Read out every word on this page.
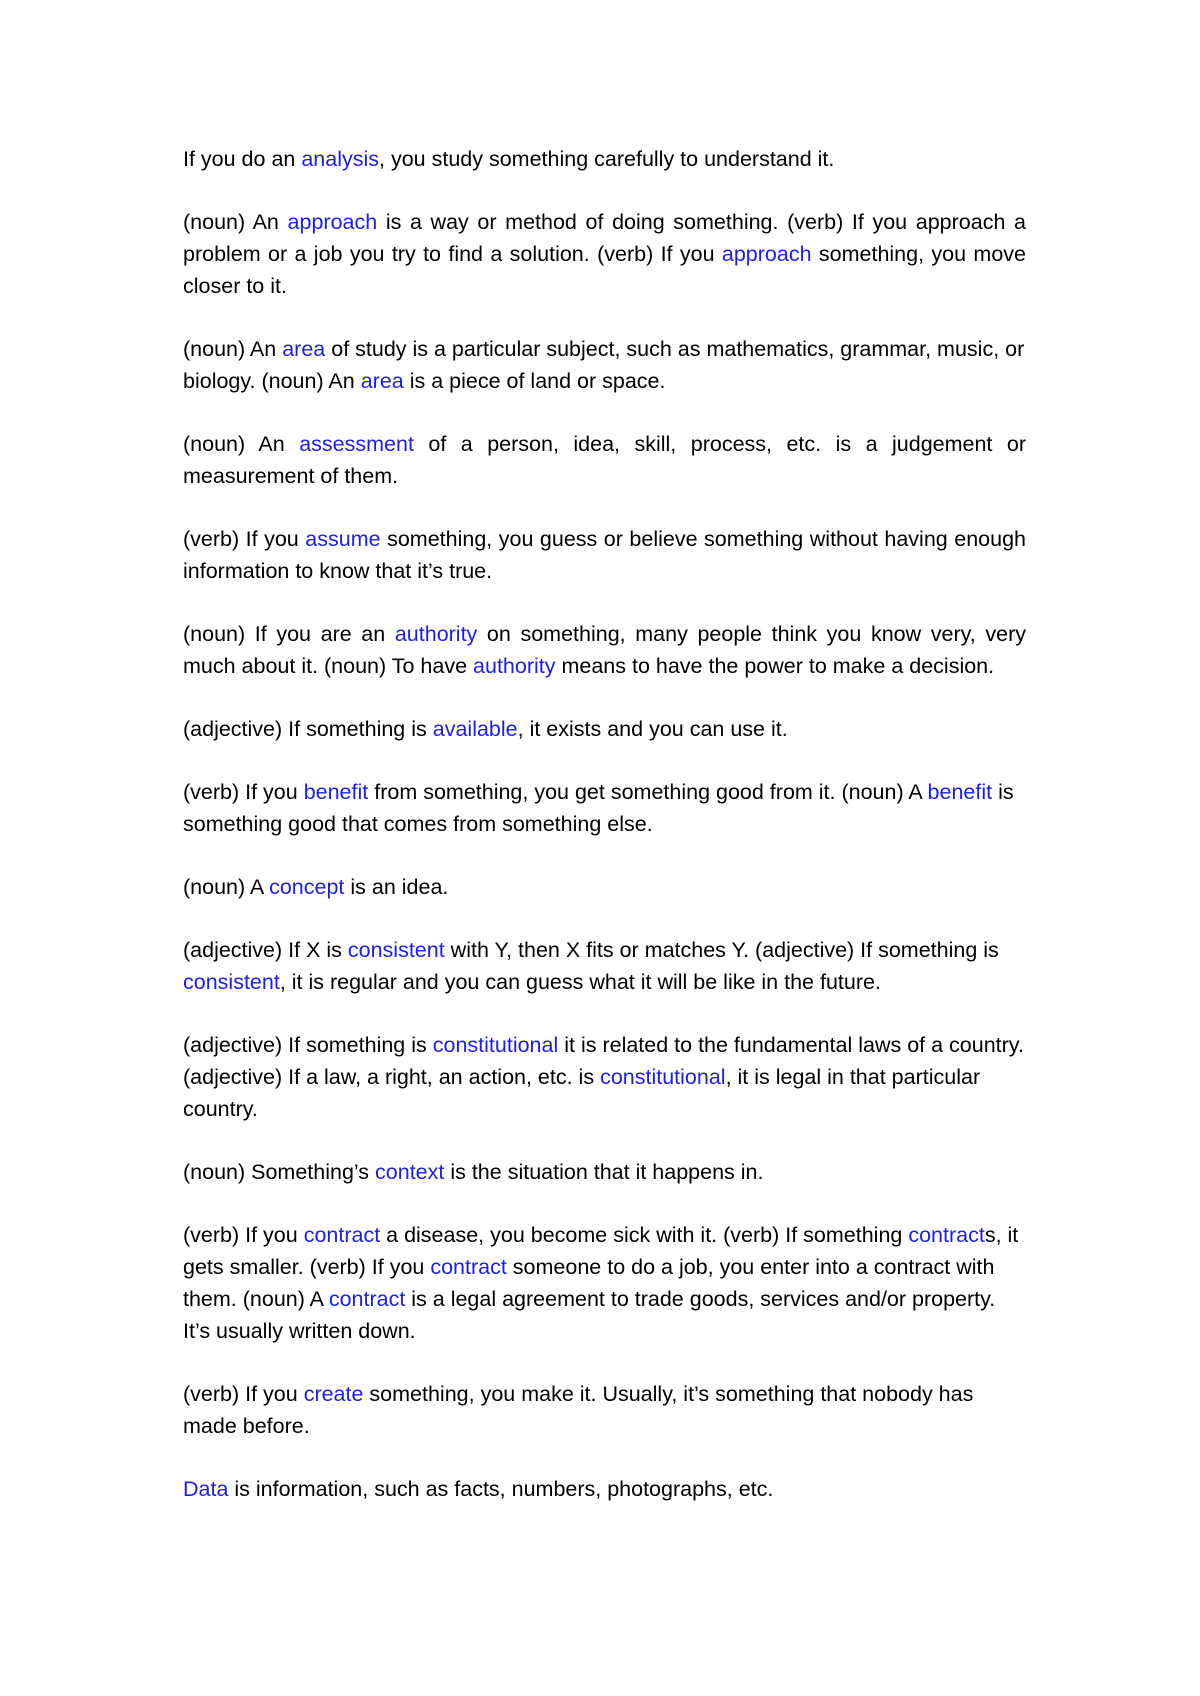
If you do an analysis, you study something carefully to understand it.

(noun) An approach is a way or method of doing something. (verb) If you approach a problem or a job you try to find a solution. (verb) If you approach something, you move closer to it.

(noun) An area of study is a particular subject, such as mathematics, grammar, music, or biology. (noun) An area is a piece of land or space.

(noun) An assessment of a person, idea, skill, process, etc. is a judgement or measurement of them.

(verb) If you assume something, you guess or believe something without having enough information to know that it’s true.

(noun) If you are an authority on something, many people think you know very, very much about it. (noun) To have authority means to have the power to make a decision.

(adjective) If something is available, it exists and you can use it.

(verb) If you benefit from something, you get something good from it. (noun) A benefit is something good that comes from something else.

(noun) A concept is an idea.

(adjective) If X is consistent with Y, then X fits or matches Y. (adjective) If something is consistent, it is regular and you can guess what it will be like in the future.

(adjective) If something is constitutional it is related to the fundamental laws of a country. (adjective) If a law, a right, an action, etc. is constitutional, it is legal in that particular country.

(noun) Something’s context is the situation that it happens in.

(verb) If you contract a disease, you become sick with it. (verb) If something contracts, it gets smaller. (verb) If you contract someone to do a job, you enter into a contract with them. (noun) A contract is a legal agreement to trade goods, services and/or property. It’s usually written down.

(verb) If you create something, you make it. Usually, it’s something that nobody has made before.

Data is information, such as facts, numbers, photographs, etc.
